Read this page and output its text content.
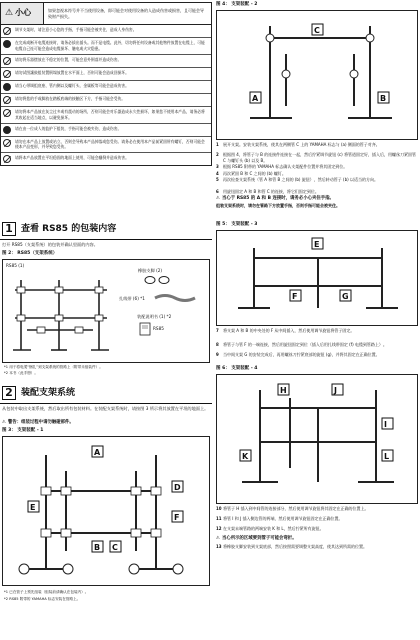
⚠ 小心	如果忽视本符号并不当使用设备，即可能会对使用设备的人造成伤害或损害，且可能会导致财产损失。
调节支架时，请注意小心您的手指，手指可能会被夹住，造成人身伤害。
在完成或断开电缆连接时，请务必拔出插头。而不是电缆。此外，切勿将任何设备或其他物件放置在电缆上，可能电缆自己连可能会造成电缆损坏、触电或火灾隐患。
请勿将乐器摆放在不稳定的位置，可能会意外倒落并造成伤害。
请勿试图讓鼓组装置倒塌放置在水平面上，否则可能会造成回损坏。
请当心带调组底座、管内侧以及螺钉头、金属板等可能会造成伤害。
请勿将您的手或脚放在踏板底端的接触区下方，手指可能会受伤。
请勿将本产品放在灰尘过多或有震动的场所，否则可能会对乐器造成永久性损坏，如果您不使用本产品，请务必将其收起在适当地点，以避免损坏。
请在由一位成人的监护下组装，手指可能会被夹伤，造成伤害。
请勿在本产品上放置或站立，否则会导致本产品掉落或您受伤。请务必在使用本产品前紧固所有螺钉，否则可能会使本产品变形，并导致您受伤。
请将本产品放置在平坦稳固的地面上使用，可能会翻倒并造成伤害。
1 查看 RS85 的包装内容
打开 RS85（支架系统）的包装并确认里面的内容。
图 2： RS85（支架系统）
RS85 (1)
橡胶支脚 (2)
扎线带 (6) *1
装配说明书 (1) *2
RS85
*1 用于将电缆“捆扎”到支架系统的管路上（附带未组装件）。
*2 本书（此手册）。
2 装配支架系统
从包装中取出支架系统，然后取出所有包装材料。在装配支架系统时，请按图 3 所示将其放置在平坦的地面上。
⚠ 警告：组装过程中请勿触碰部件。
图 3： 支架装配 - 1
A
B C
D
E
F
*1 已在管子上预先组装（组装前请确认在包装内）。
*2 RS85 附带的 YAMAHA 标志安装在管路上。
图 4： 支架装配 - 2
A	B
C
1	展开支架。安装支架系统，使其在两侧管 C 上的 YAMAHA 标志与 (a) 侧面的管子对齐。
2	根据图 4，将管子与 B 的连接件连接在一起，然后拧紧调节旋钮 (c) 将管道固定好，插入后，用螺丝刀紧固管 C 与螺钉头 (b) 以及 B。
3	根据 RS85 附带的 YAMAHA 标志确认支架配件位置并将其固定到位。
4	再次紧固 B 和 C 之间的 (b) 螺钉。
5	再次检查支架系统（管 A 和管 B 之间的 (b) 旋钮），然后转动管子 (b) 以适当的方向。
6	用旋钮固定 A 和 B 和管 C 的连接，将它们固定到位。
⚠ 当心于 RS85 的 A 和 B 连接时，请务必小心夹住手指。
组装支架系统时，请勿在管路下方放置手指，否则手指可能会被夹住。
图 5： 支架装配 - 3
F	G
E
7	将支架 A 和 B 的中央处的 F 从中间插入，然后使用调节旋钮将管子固定。
8	将管子与管 F 的一端连接，然后用旋钮固定到位（插入后用扎线带固定 (f) 电缆到管路上）。
9	当中间支架 G 的安装完成后，再用螺丝刀拧紧底部的旋钮 (g)，并将其固定在正确位置。
图 6： 支架装配 - 4
J
H
I
K	L
10 将管子 H 插入到中间管的连接部分，然后使用调节旋钮将其固定在正确的位置上。
11 将管 I 和 J 插入侧边管的两端，然后使用调节旋钮固定在正确位置。
12 在支架末端管路的两端安装 K 和 L，然后拧紧所有旋钮。
⚠ 当心所示的区域要到管子可能会弯折。
13 将橡胶支脚安装到支架底部，然后按照需要调整支架高度，使其达到所需的位置。
